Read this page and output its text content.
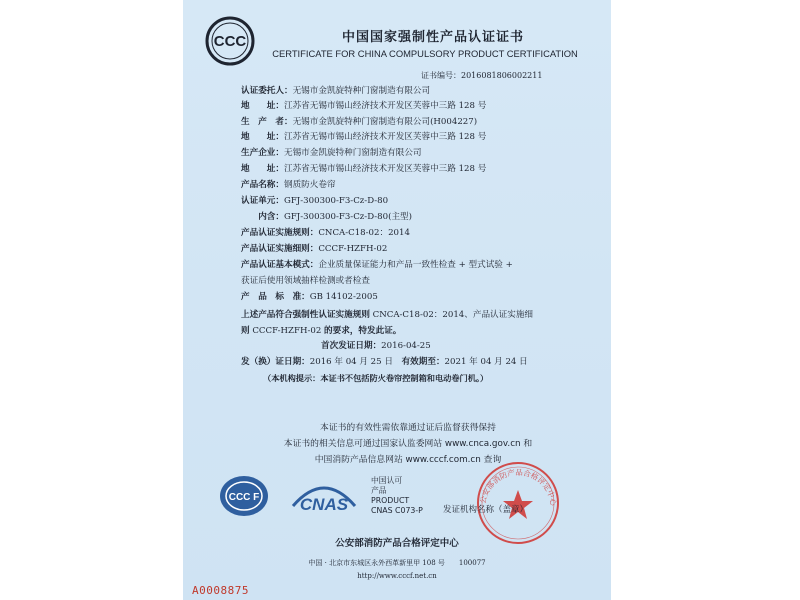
CCC	中国国家强制性产品认证证书
CERTIFICATE FOR CHINA COMPULSORY PRODUCT CERTIFICATION
证书编号：2016081806002211
认证委托人：无锡市金凯旋特种门窗制造有限公司
地　　址：江苏省无锡市锡山经济技术开发区芙蓉中三路 128 号
生　产　者：无锡市金凯旋特种门窗制造有限公司(H004227)
地　　址：江苏省无锡市锡山经济技术开发区芙蓉中三路 128 号
生产企业：无锡市金凯旋特种门窗制造有限公司
地　　址：江苏省无锡市锡山经济技术开发区芙蓉中三路 128 号
产品名称：钢质防火卷帘
认证单元：GFJ-300300-F3-Cz-D-80
　　内含：GFJ-300300-F3-Cz-D-80(主型)
产品认证实施规则：CNCA-C18-02：2014
产品认证实施细则：CCCF-HZFH-02
产品认证基本模式：企业质量保证能力和产品一致性检查 + 型式试验 +
获证后使用领域抽样检测或者检查
产　品　标　准：GB 14102-2005
上述产品符合强制性认证实施规则 CNCA-C18-02：2014、产品认证实施细
则 CCCF-HZFH-02 的要求，特发此证。
首次发证日期：2016-04-25
发（换）证日期：2016 年 04 月 25 日　 有效期至：2021 年 04 月 24 日
（本机构提示：本证书不包括防火卷帘控制箱和电动卷门机。）
本证书的有效性需依靠通过证后监督获得保持
本证书的相关信息可通过国家认监委网站 www.cnca.gov.cn 和
中国消防产品信息网站 www.cccf.com.cn 查询
CCC F CNAS
中国认可
产品
PRODUCT
CNAS C073-P
公安部消防产品合格评定中心
发证机构名称（盖章）
公安部消防产品合格评定中心
中国 · 北京市东城区永外西革新里甲 108 号　　100077
http://www.cccf.net.cn
A0008875
